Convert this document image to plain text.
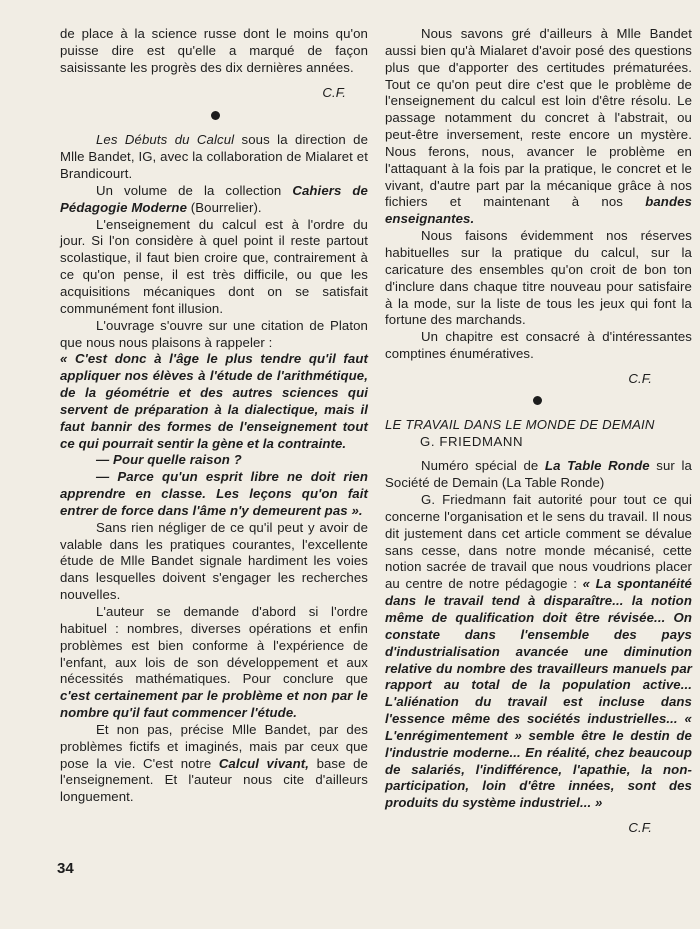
de place à la science russe dont le moins qu'on puisse dire est qu'elle a marqué de façon saisissante les progrès des dix dernières années.

C.F.

Les Débuts du Calcul sous la direction de Mlle Bandet, IG, avec la collaboration de Mialaret et Brandicourt.

Un volume de la collection Cahiers de Pédagogie Moderne (Bourrelier).

L'enseignement du calcul est à l'ordre du jour. Si l'on considère à quel point il reste partout scolastique, il faut bien croire que, contrairement à ce qu'on pense, il est très difficile, ou que les acquisitions mécaniques dont on se satisfait communément font illusion.

L'ouvrage s'ouvre sur une citation de Platon que nous nous plaisons à rappeler :

« C'est donc à l'âge le plus tendre qu'il faut appliquer nos élèves à l'étude de l'arithmétique, de la géométrie et des autres sciences qui servent de préparation à la dialectique, mais il faut bannir des formes de l'enseignement tout ce qui pourrait sentir la gène et la contrainte.

— Pour quelle raison ?

— Parce qu'un esprit libre ne doit rien apprendre en classe. Les leçons qu'on fait entrer de force dans l'âme n'y demeurent pas ».

Sans rien négliger de ce qu'il peut y avoir de valable dans les pratiques courantes, l'excellente étude de Mlle Bandet signale hardiment les voies dans lesquelles doivent s'engager les recherches nouvelles.

L'auteur se demande d'abord si l'ordre habituel : nombres, diverses opérations et enfin problèmes est bien conforme à l'expérience de l'enfant, aux lois de son développement et aux nécessités mathématiques. Pour conclure que c'est certainement par le problème et non par le nombre qu'il faut commencer l'étude.

Et non pas, précise Mlle Bandet, par des problèmes fictifs et imaginés, mais par ceux que pose la vie. C'est notre Calcul vivant, base de l'enseignement. Et l'auteur nous cite d'ailleurs longuement.

Nous savons gré d'ailleurs à Mlle Bandet aussi bien qu'à Mialaret d'avoir posé des questions plus que d'apporter des certitudes prématurées. Tout ce qu'on peut dire c'est que le problème de l'enseignement du calcul est loin d'être résolu. Le passage notamment du concret à l'abstrait, ou peut-être inversement, reste encore un mystère. Nous ferons, nous, avancer le problème en l'attaquant à la fois par la pratique, le concret et le vivant, d'autre part par la mécanique grâce à nos fichiers et maintenant à nos bandes enseignantes.

Nous faisons évidemment nos réserves habituelles sur la pratique du calcul, sur la caricature des ensembles qu'on croit de bon ton d'inclure dans chaque titre nouveau pour satisfaire à la mode, sur la liste de tous les jeux qui font la fortune des marchands.

Un chapitre est consacré à d'intéressantes comptines énumératives.

C.F.

LE TRAVAIL DANS LE MONDE DE DEMAIN

G. FRIEDMANN

Numéro spécial de La Table Ronde sur la Société de Demain (La Table Ronde)

G. Friedmann fait autorité pour tout ce qui concerne l'organisation et le sens du travail. Il nous dit justement dans cet article comment se dévalue sans cesse, dans notre monde mécanisé, cette notion sacrée de travail que nous voudrions placer au centre de notre pédagogie : « La spontanéité dans le travail tend à disparaître... la notion même de qualification doit être révisée... On constate dans l'ensemble des pays d'industrialisation avancée une diminution relative du nombre des travailleurs manuels par rapport au total de la population active... L'aliénation du travail est incluse dans l'essence même des sociétés industrielles... « L'enrégimentement » semble être le destin de l'industrie moderne... En réalité, chez beaucoup de salariés, l'indifférence, l'apathie, la non-participation, loin d'être innées, sont des produits du système industriel... »

C.F.

34
